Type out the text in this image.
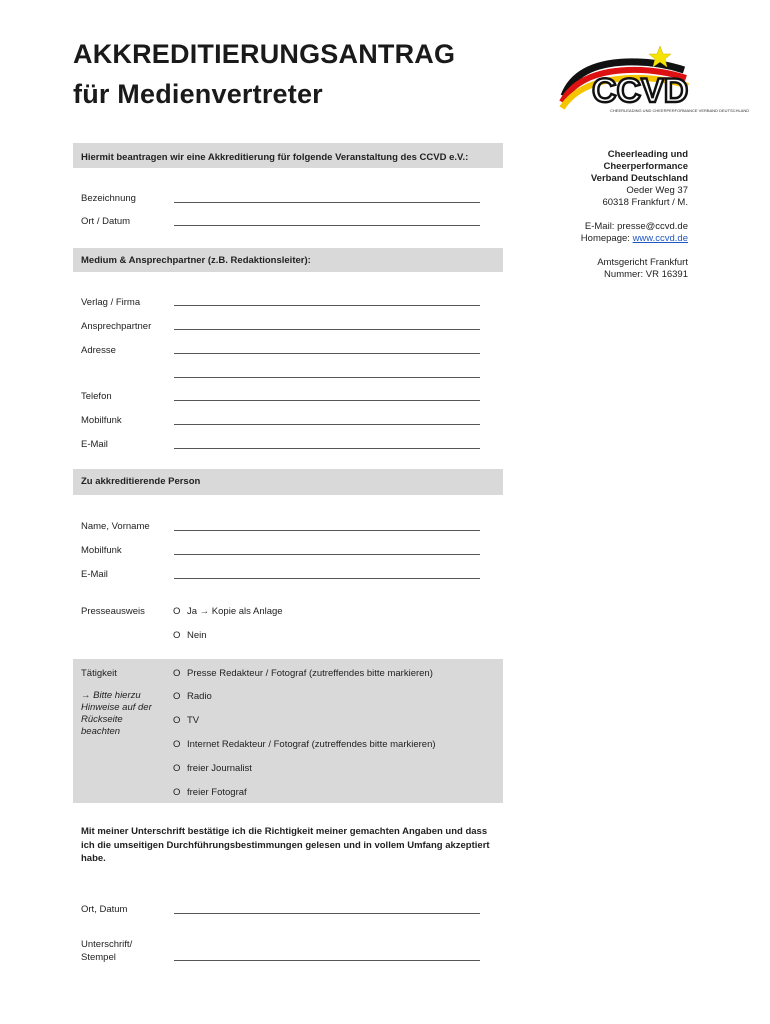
AKKREDITIERUNGSANTRAG
für Medienvertreter	CCVD
CHEERLEADING UND CHEERPERFORMANCE VERBAND DEUTSCHLAND
Cheerleading und
Cheerperformance
Verband Deutschland
Oeder Weg 37
60318 Frankfurt / M.
E-Mail: presse@ccvd.de
Homepage: www.ccvd.de
Amtsgericht Frankfurt
Nummer: VR 16391
Hiermit beantragen wir eine Akkreditierung für folgende Veranstaltung des CCVD e.V.:
Bezeichnung
Ort / Datum
Medium & Ansprechpartner (z.B. Redaktionsleiter):
Verlag / Firma
Ansprechpartner
Adresse
Telefon
Mobilfunk
E-Mail
Zu akkreditierende Person
Name, Vorname
Mobilfunk
E-Mail
Presseausweis	O Ja → Kopie als Anlage
O Nein
Tätigkeit
→ Bitte hierzu Hinweise auf der Rückseite beachten
O Presse Redakteur / Fotograf (zutreffendes bitte markieren)
O Radio
O TV
O Internet Redakteur / Fotograf (zutreffendes bitte markieren)
O freier Journalist
O freier Fotograf
Mit meiner Unterschrift bestätige ich die Richtigkeit meiner gemachten Angaben und dass ich die umseitigen Durchführungsbestimmungen gelesen und in vollem Umfang akzeptiert habe.
Ort, Datum
Unterschrift/
Stempel
